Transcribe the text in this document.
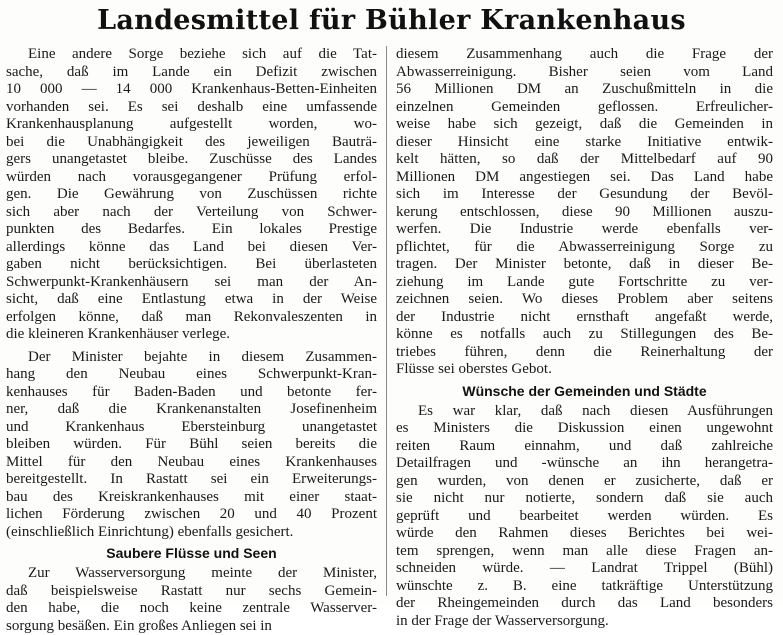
Landesmittel für Bühler Krankenhaus
Eine andere Sorge beziehe sich auf die Tat-
sache, daß im Lande ein Defizit zwischen
10 000 — 14 000 Krankenhaus-Betten-Einheiten
vorhanden sei. Es sei deshalb eine umfassende
Krankenhausplanung aufgestellt worden, wo-
bei die Unabhängigkeit des jeweiligen Bauträ-
gers unangetastet bleibe. Zuschüsse des Landes
würden nach vorausgegangener Prüfung erfol-
gen. Die Gewährung von Zuschüssen richte
sich aber nach der Verteilung von Schwer-
punkten des Bedarfes. Ein lokales Prestige
allerdings könne das Land bei diesen Ver-
gaben nicht berücksichtigen. Bei überlasteten
Schwerpunkt-Krankenhäusern sei man der An-
sicht, daß eine Entlastung etwa in der Weise
erfolgen könne, daß man Rekonvaleszenten in
die kleineren Krankenhäuser verlege.
Der Minister bejahte in diesem Zusammen-
hang den Neubau eines Schwerpunkt-Kran-
kenhauses für Baden-Baden und betonte fer-
ner, daß die Krankenanstalten Josefinenheim
und Krankenhaus Ebersteinburg unangetastet
bleiben würden. Für Bühl seien bereits die
Mittel für den Neubau eines Krankenhauses
bereitgestellt. In Rastatt sei ein Erweiterungs-
bau des Kreiskrankenhauses mit einer staat-
lichen Förderung zwischen 20 und 40 Prozent
(einschließlich Einrichtung) ebenfalls gesichert.
Saubere Flüsse und Seen
Zur Wasserversorgung meinte der Minister,
daß beispielsweise Rastatt nur sechs Gemein-
den habe, die noch keine zentrale Wasserver-
sorgung besäßen. Ein großes Anliegen sei in
diesem Zusammenhang auch die Frage der
Abwasserreinigung. Bisher seien vom Land
56 Millionen DM an Zuschußmitteln in die
einzelnen Gemeinden geflossen. Erfreulicher-
weise habe sich gezeigt, daß die Gemeinden in
dieser Hinsicht eine starke Initiative entwik-
kelt hätten, so daß der Mittelbedarf auf 90
Millionen DM angestiegen sei. Das Land habe
sich im Interesse der Gesundung der Bevöl-
kerung entschlossen, diese 90 Millionen auszu-
werfen. Die Industrie werde ebenfalls ver-
pflichtet, für die Abwasserreinigung Sorge zu
tragen. Der Minister betonte, daß in dieser Be-
ziehung im Lande gute Fortschritte zu ver-
zeichnen seien. Wo dieses Problem aber seitens
der Industrie nicht ernsthaft angefaßt werde,
könne es notfalls auch zu Stillegungen des Be-
triebes führen, denn die Reinerhaltung der
Flüsse sei oberstes Gebot.
Wünsche der Gemeinden und Städte
Es war klar, daß nach diesen Ausführungen
es Ministers die Diskussion einen ungewohnt
reiten Raum einnahm, und daß zahlreiche
Detailfragen und -wünsche an ihn herangetra-
gen wurden, von denen er zusicherte, daß er
sie nicht nur notierte, sondern daß sie auch
geprüft und bearbeitet werden würden. Es
würde den Rahmen dieses Berichtes bei wei-
tem sprengen, wenn man alle diese Fragen an-
schneiden würde. — Landrat Trippel (Bühl)
wünschte z. B. eine tatkräftige Unterstützung
der Rheingemeinden durch das Land besonders
in der Frage der Wasserversorgung.
